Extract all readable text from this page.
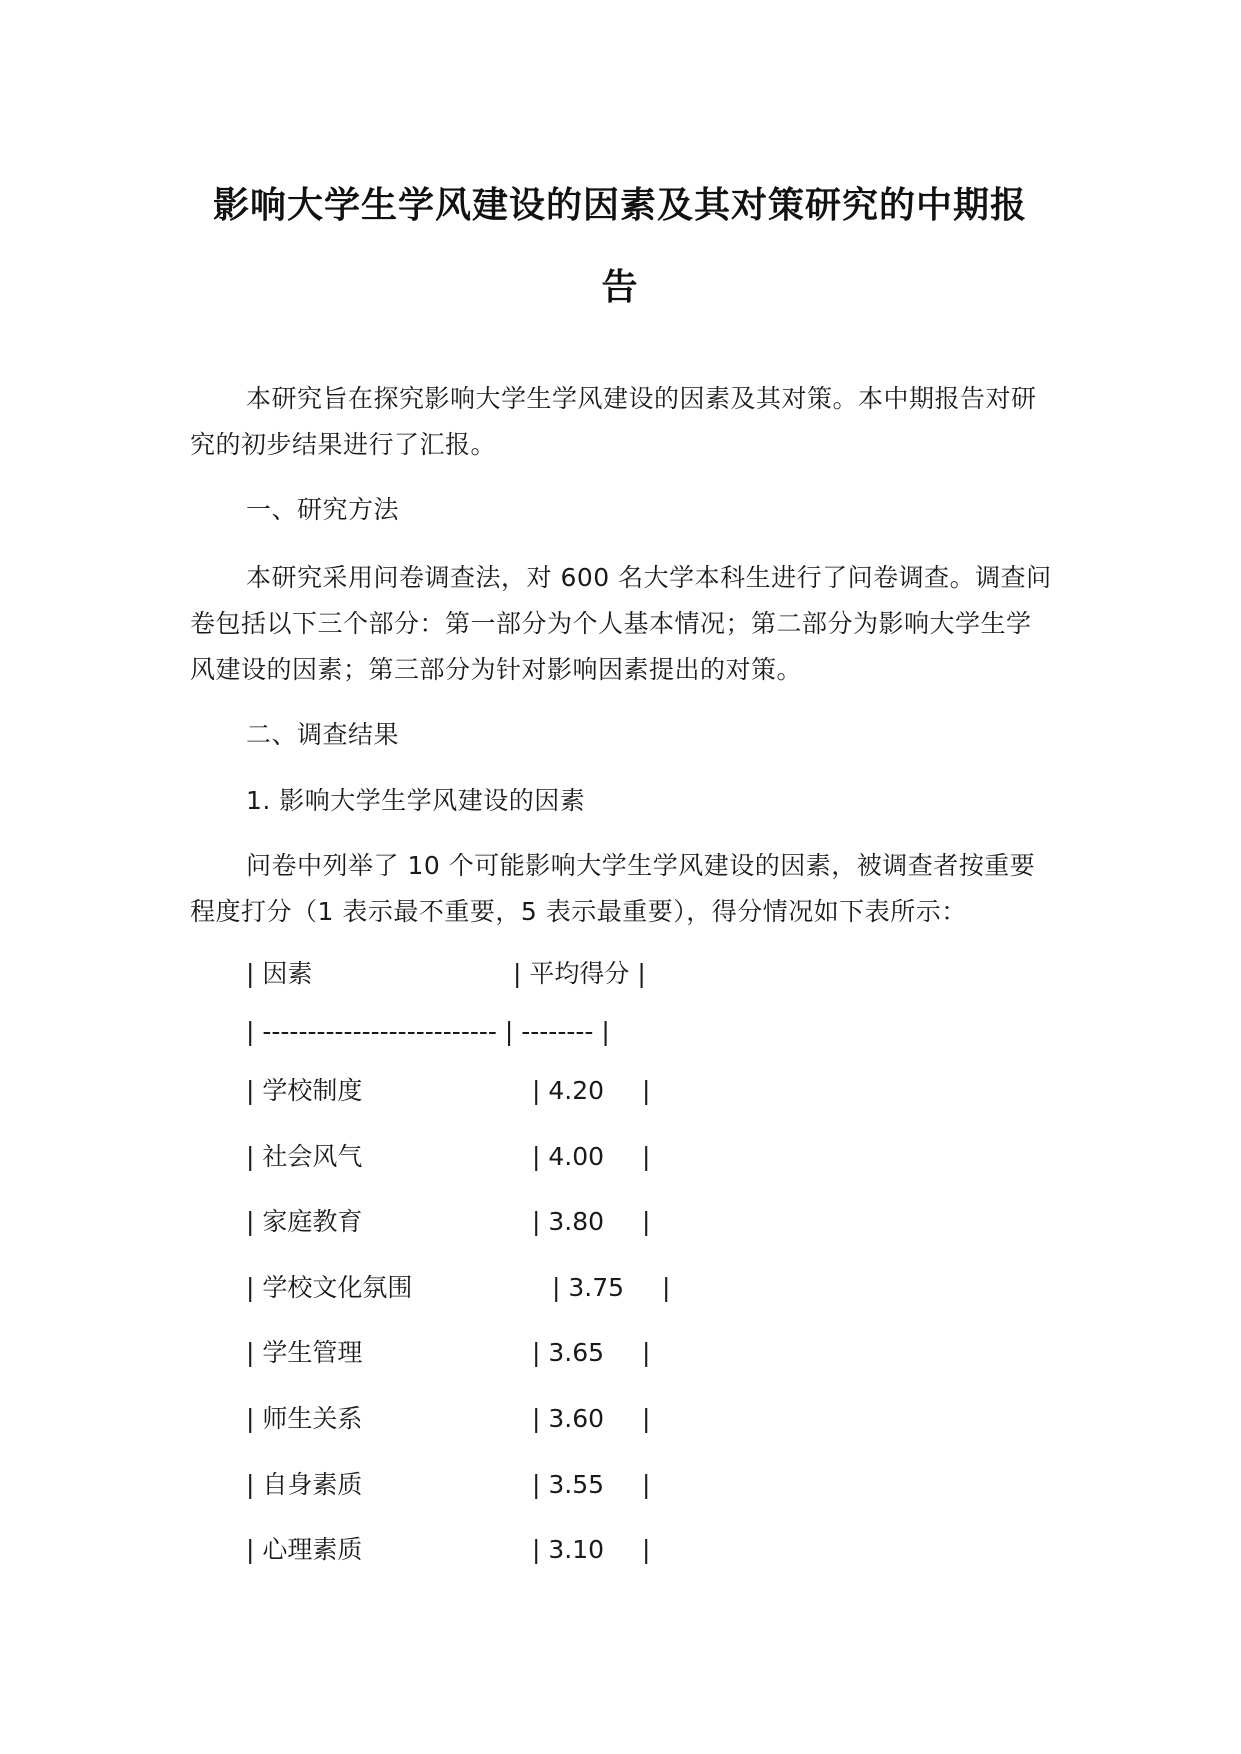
影响大学生学风建设的因素及其对策研究的中期报
告
本研究旨在探究影响大学生学风建设的因素及其对策。本中期报告对研究的初步结果进行了汇报。
一、研究方法
本研究采用问卷调查法，对 600 名大学本科生进行了问卷调查。调查问卷包括以下三个部分：第一部分为个人基本情况；第二部分为影响大学生学风建设的因素；第三部分为针对影响因素提出的对策。
二、调查结果
1. 影响大学生学风建设的因素
问卷中列举了 10 个可能影响大学生学风建设的因素，被调查者按重要程度打分（1 表示最不重要，5 表示最重要），得分情况如下表所示：
| 因素	| 平均得分 |
| -------------------------- | -------- |
| 学校制度	| 4.20 |
| 社会风气	| 4.00 |
| 家庭教育	| 3.80 |
| 学校文化氛围	| 3.75 |
| 学生管理	| 3.65 |
| 师生关系	| 3.60 |
| 自身素质	| 3.55 |
| 心理素质	| 3.10 |
